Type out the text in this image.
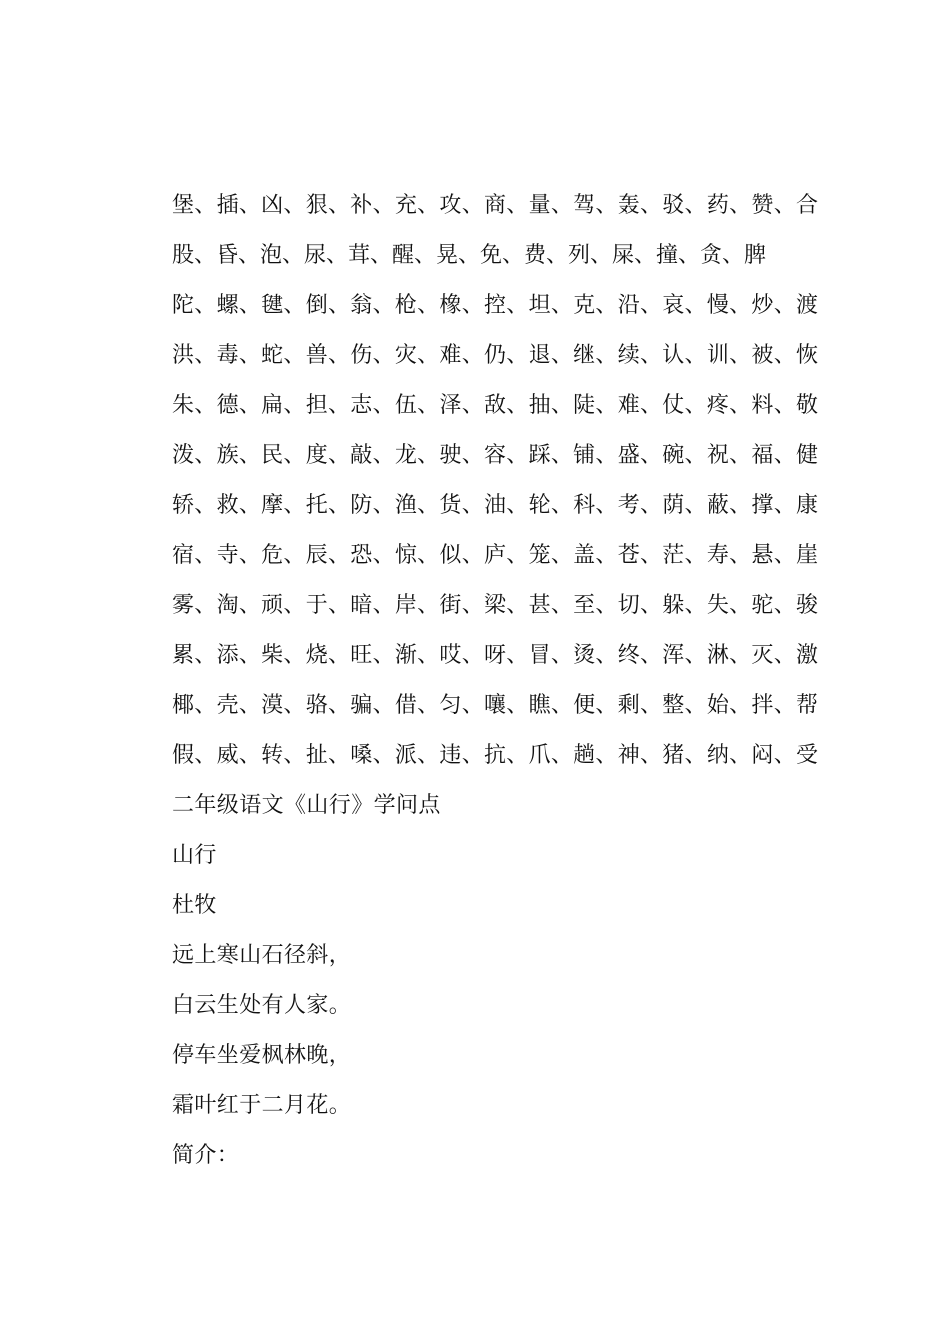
堡、插、凶、狠、补、充、攻、商、量、驾、轰、驳、药、赞、合
股、昏、泡、尿、茸、醒、晃、免、费、列、屎、撞、贪、脾
陀、螺、毽、倒、翁、枪、橡、控、坦、克、沿、哀、慢、炒、渡
洪、毒、蛇、兽、伤、灾、难、仍、退、继、续、认、训、被、恢
朱、德、扁、担、志、伍、泽、敌、抽、陡、难、仗、疼、料、敬
泼、族、民、度、敲、龙、驶、容、踩、铺、盛、碗、祝、福、健
轿、救、摩、托、防、渔、货、油、轮、科、考、荫、蔽、撑、康
宿、寺、危、辰、恐、惊、似、庐、笼、盖、苍、茫、寿、悬、崖
雾、淘、顽、于、暗、岸、街、梁、甚、至、切、躲、失、驼、骏
累、添、柴、烧、旺、渐、哎、呀、冒、烫、终、浑、淋、灭、激
椰、壳、漠、骆、骗、借、匀、嚷、瞧、便、剩、整、始、拌、帮
假、威、转、扯、嗓、派、违、抗、爪、趟、神、猪、纳、闷、受
二年级语文《山行》学问点
山行
杜牧
远上寒山石径斜，
白云生处有人家。
停车坐爱枫林晚，
霜叶红于二月花。
简介：
